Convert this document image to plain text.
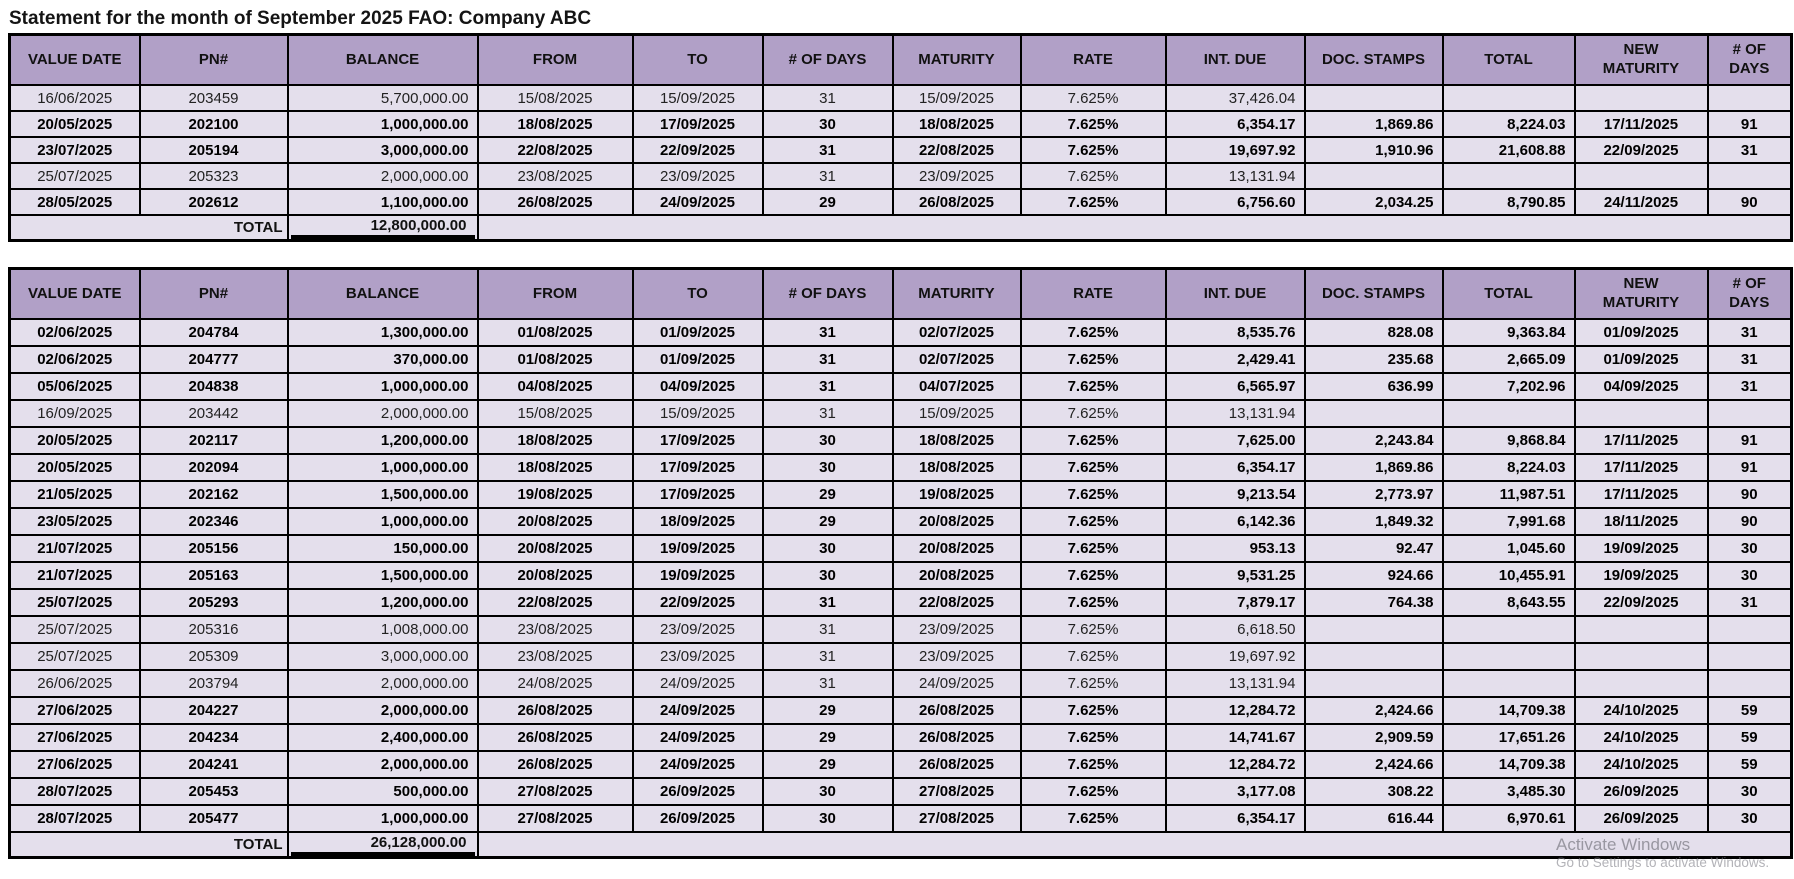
Statement for the month of September 2025 FAO: Company ABC
VALUE DATE	PN#	BALANCE	FROM	TO	# OF DAYS	MATURITY	RATE	INT. DUE	DOC. STAMPS	TOTAL	NEW MATURITY	# OF DAYS
16/06/2025	203459	5,700,000.00	15/08/2025	15/09/2025	31	15/09/2025	7.625%	37,426.04				
20/05/2025	202100	1,000,000.00	18/08/2025	17/09/2025	30	18/08/2025	7.625%	6,354.17	1,869.86	8,224.03	17/11/2025	91
23/07/2025	205194	3,000,000.00	22/08/2025	22/09/2025	31	22/08/2025	7.625%	19,697.92	1,910.96	21,608.88	22/09/2025	31
25/07/2025	205323	2,000,000.00	23/08/2025	23/09/2025	31	23/09/2025	7.625%	13,131.94				
28/05/2025	202612	1,100,000.00	26/08/2025	24/09/2025	29	26/08/2025	7.625%	6,756.60	2,034.25	8,790.85	24/11/2025	90
TOTAL		12,800,000.00										

VALUE DATE	PN#	BALANCE	FROM	TO	# OF DAYS	MATURITY	RATE	INT. DUE	DOC. STAMPS	TOTAL	NEW MATURITY	# OF DAYS
02/06/2025	204784	1,300,000.00	01/08/2025	01/09/2025	31	02/07/2025	7.625%	8,535.76	828.08	9,363.84	01/09/2025	31
02/06/2025	204777	370,000.00	01/08/2025	01/09/2025	31	02/07/2025	7.625%	2,429.41	235.68	2,665.09	01/09/2025	31
05/06/2025	204838	1,000,000.00	04/08/2025	04/09/2025	31	04/07/2025	7.625%	6,565.97	636.99	7,202.96	04/09/2025	31
16/09/2025	203442	2,000,000.00	15/08/2025	15/09/2025	31	15/09/2025	7.625%	13,131.94				
20/05/2025	202117	1,200,000.00	18/08/2025	17/09/2025	30	18/08/2025	7.625%	7,625.00	2,243.84	9,868.84	17/11/2025	91
20/05/2025	202094	1,000,000.00	18/08/2025	17/09/2025	30	18/08/2025	7.625%	6,354.17	1,869.86	8,224.03	17/11/2025	91
21/05/2025	202162	1,500,000.00	19/08/2025	17/09/2025	29	19/08/2025	7.625%	9,213.54	2,773.97	11,987.51	17/11/2025	90
23/05/2025	202346	1,000,000.00	20/08/2025	18/09/2025	29	20/08/2025	7.625%	6,142.36	1,849.32	7,991.68	18/11/2025	90
21/07/2025	205156	150,000.00	20/08/2025	19/09/2025	30	20/08/2025	7.625%	953.13	92.47	1,045.60	19/09/2025	30
21/07/2025	205163	1,500,000.00	20/08/2025	19/09/2025	30	20/08/2025	7.625%	9,531.25	924.66	10,455.91	19/09/2025	30
25/07/2025	205293	1,200,000.00	22/08/2025	22/09/2025	31	22/08/2025	7.625%	7,879.17	764.38	8,643.55	22/09/2025	31
25/07/2025	205316	1,008,000.00	23/08/2025	23/09/2025	31	23/09/2025	7.625%	6,618.50				
25/07/2025	205309	3,000,000.00	23/08/2025	23/09/2025	31	23/09/2025	7.625%	19,697.92				
26/06/2025	203794	2,000,000.00	24/08/2025	24/09/2025	31	24/09/2025	7.625%	13,131.94				
27/06/2025	204227	2,000,000.00	26/08/2025	24/09/2025	29	26/08/2025	7.625%	12,284.72	2,424.66	14,709.38	24/10/2025	59
27/06/2025	204234	2,400,000.00	26/08/2025	24/09/2025	29	26/08/2025	7.625%	14,741.67	2,909.59	17,651.26	24/10/2025	59
27/06/2025	204241	2,000,000.00	26/08/2025	24/09/2025	29	26/08/2025	7.625%	12,284.72	2,424.66	14,709.38	24/10/2025	59
28/07/2025	205453	500,000.00	27/08/2025	26/09/2025	30	27/08/2025	7.625%	3,177.08	308.22	3,485.30	26/09/2025	30
28/07/2025	205477	1,000,000.00	27/08/2025	26/09/2025	30	27/08/2025	7.625%	6,354.17	616.44	6,970.61	26/09/2025	30
TOTAL		26,128,000.00										
		Activate Windows
Go to Settings to activate Windows.
